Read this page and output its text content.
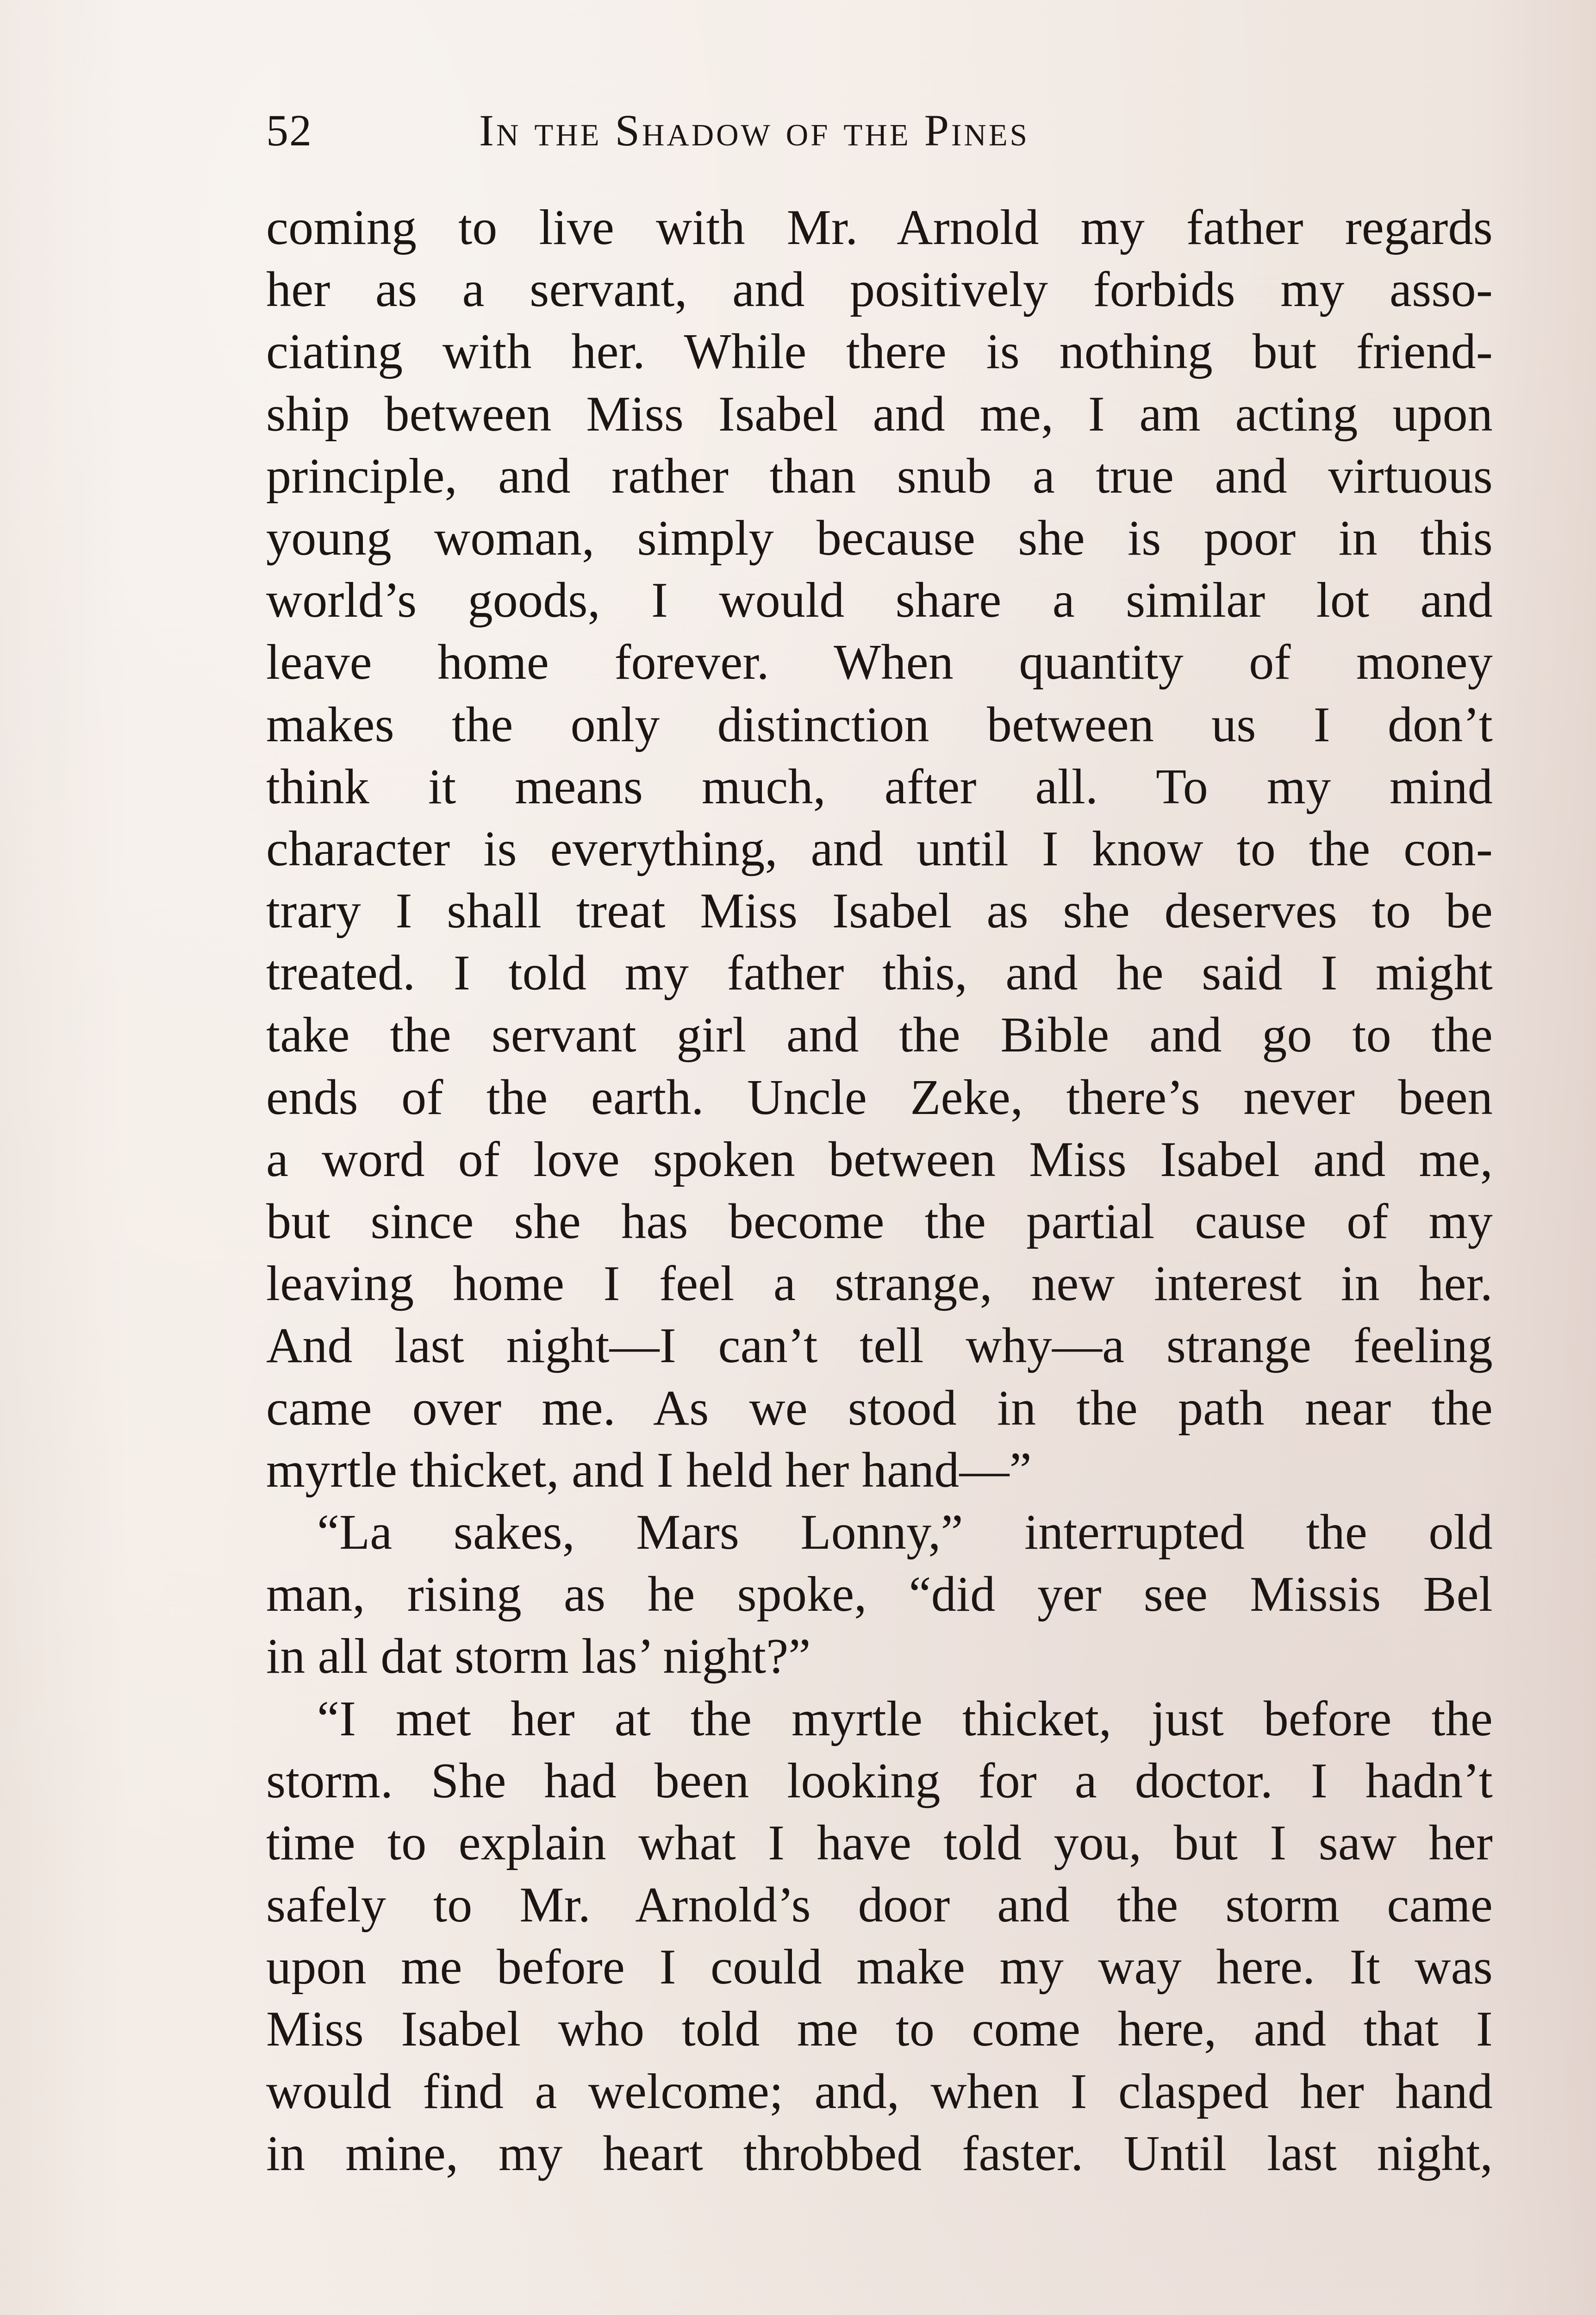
52	In the Shadow of the Pines
coming to live with Mr. Arnold my father regards
her as a servant, and positively forbids my asso-
ciating with her. While there is nothing but friend-
ship between Miss Isabel and me, I am acting upon
principle, and rather than snub a true and virtuous
young woman, simply because she is poor in this
world’s goods, I would share a similar lot and
leave home forever. When quantity of money
makes the only distinction between us I don’t
think it means much, after all. To my mind
character is everything, and until I know to the con-
trary I shall treat Miss Isabel as she deserves to be
treated. I told my father this, and he said I might
take the servant girl and the Bible and go to the
ends of the earth. Uncle Zeke, there’s never been
a word of love spoken between Miss Isabel and me,
but since she has become the partial cause of my
leaving home I feel a strange, new interest in her.
And last night—I can’t tell why—a strange feeling
came over me. As we stood in the path near the
myrtle thicket, and I held her hand—”
“La sakes, Mars Lonny,” interrupted the old
man, rising as he spoke, “did yer see Missis Bel
in all dat storm las’ night?”
“I met her at the myrtle thicket, just before the
storm. She had been looking for a doctor. I hadn’t
time to explain what I have told you, but I saw her
safely to Mr. Arnold’s door and the storm came
upon me before I could make my way here. It was
Miss Isabel who told me to come here, and that I
would find a welcome; and, when I clasped her hand
in mine, my heart throbbed faster. Until last night,
